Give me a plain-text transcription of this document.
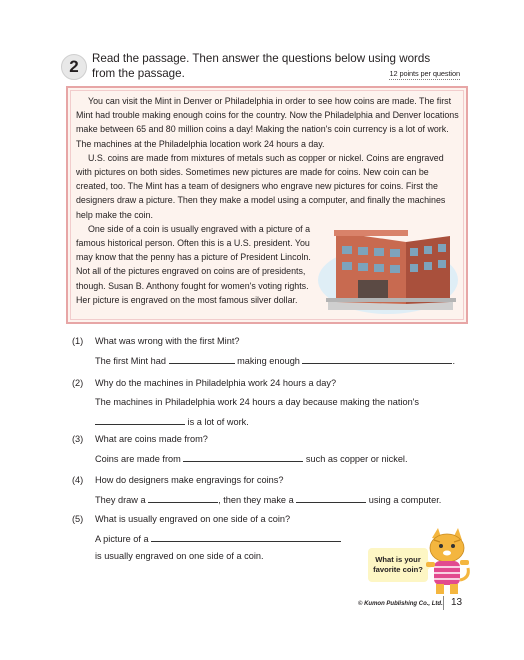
2	Read the passage. Then answer the questions below using words from the passage.	12 points per question

You can visit the Mint in Denver or Philadelphia in order to see how coins are made. The first Mint had trouble making enough coins for the country. Now the Philadelphia and Denver locations make between 65 and 80 million coins a day! Making the nation's coin currency is a lot of work. The machines at the Philadelphia location work 24 hours a day.

U.S. coins are made from mixtures of metals such as copper or nickel. Coins are engraved with pictures on both sides. Sometimes new pictures are made for coins. New coin can be created, too. The Mint has a team of designers who engrave new pictures for coins. First the designers draw a picture. Then they make a model using a computer, and finally the machines help make the coin.

One side of a coin is usually engraved with a picture of a famous historical person. Often this is a U.S. president. You may know that the penny has a picture of President Lincoln. Not all of the pictures engraved on coins are of presidents, though. Susan B. Anthony fought for women's voting rights. Her picture is engraved on the most famous silver dollar.

(1)	What was wrong with the first Mint?

The first Mint had	making enough	.

(2)	Why do the machines in Philadelphia work 24 hours a day?

The machines in Philadelphia work 24 hours a day because making the nation's

is a lot of work.

(3)	What are coins made from?

Coins are made from	such as copper or nickel.

(4)	How do designers make engravings for coins?

They draw a	, then they make a	using a computer.

(5)	What is usually engraved on one side of a coin?

A picture of a

is usually engraved on one side of a coin.	What is your favorite coin?
© Kumon Publishing Co., Ltd. 13
